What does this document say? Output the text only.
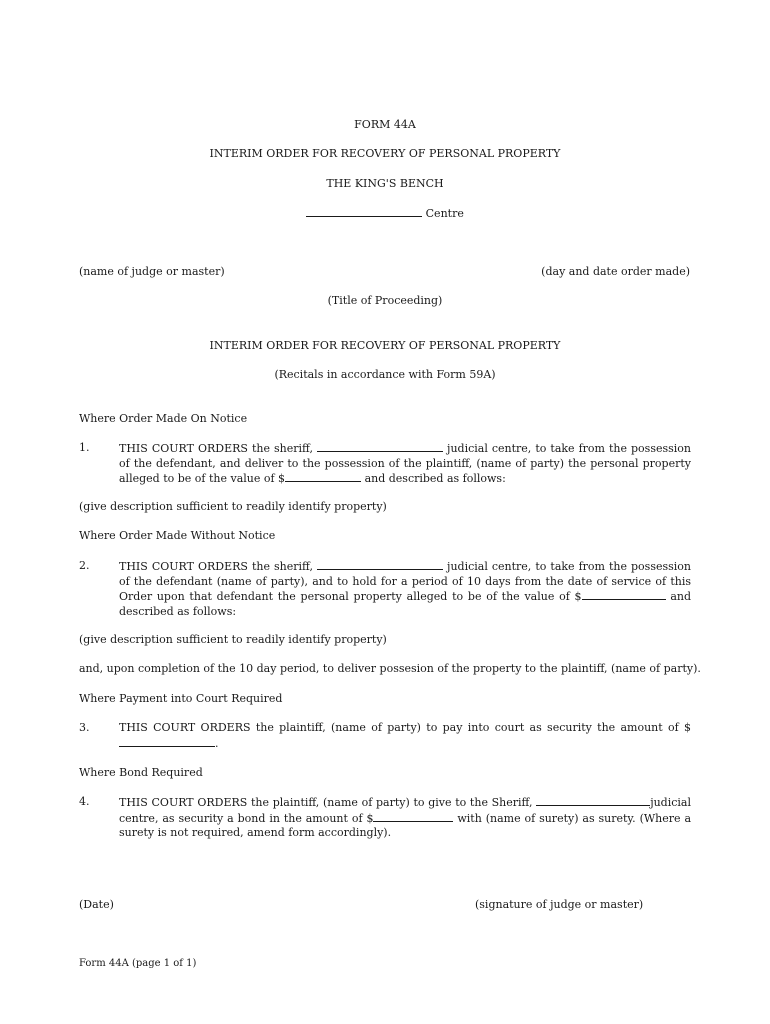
FORM 44A
INTERIM ORDER FOR RECOVERY OF PERSONAL PROPERTY
THE KING'S BENCH
Centre
(name of judge or master)	(day and date order made)
(Title of Proceeding)
INTERIM ORDER FOR RECOVERY OF PERSONAL PROPERTY
(Recitals in accordance with Form 59A)
Where Order Made On Notice
1.	THIS COURT ORDERS the sheriff,	judicial centre, to take from the possession of the defendant, and deliver to the possession of the plaintiff, (name of party) the personal property alleged to be of the value of $	and described as follows:
(give description sufficient to readily identify property)
Where Order Made Without Notice
2.	THIS COURT ORDERS the sheriff,	judicial centre, to take from the possession of the defendant (name of party), and to hold for a period of 10 days from the date of service of this Order upon that defendant the personal property alleged to be of the value of $	and described as follows:
(give description sufficient to readily identify property)
and, upon completion of the 10 day period, to deliver possesion of the property to the plaintiff, (name of party).
Where Payment into Court Required
3.	THIS COURT ORDERS the plaintiff, (name of party) to pay into court as security the amount of $ .
Where Bond Required
4.	THIS COURT ORDERS the plaintiff, (name of party) to give to the Sheriff,	judicial centre, as security a bond in the amount of $	with (name of surety) as surety. (Where a surety is not required, amend form accordingly).
(Date)	(signature of judge or master)
Form 44A (page 1 of 1)
